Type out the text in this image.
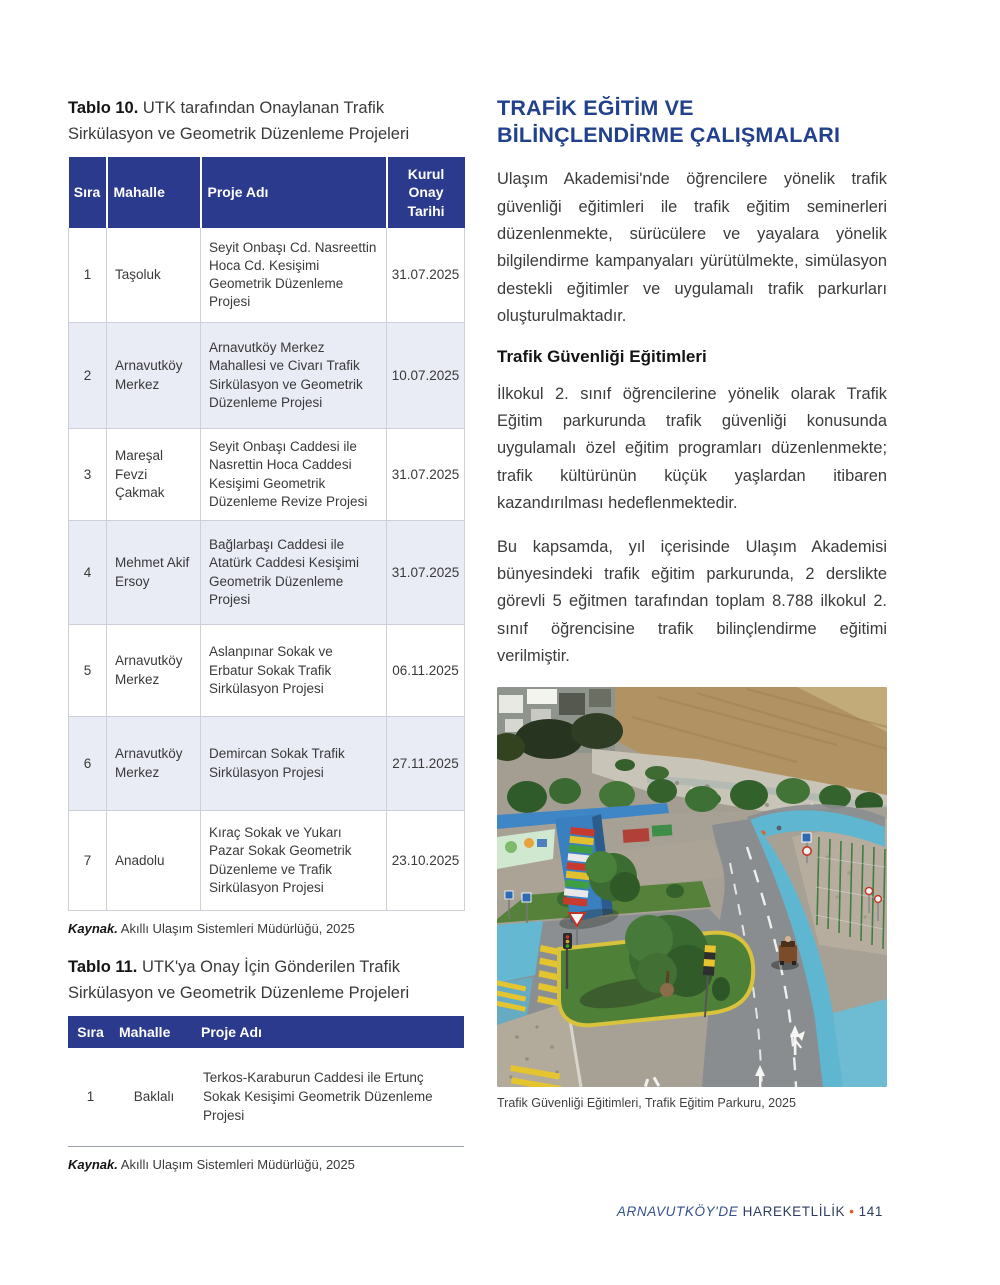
Tablo 10. UTK tarafından Onaylanan Trafik Sirkülasyon ve Geometrik Düzenleme Projeleri

Sıra	Mahalle	Proje Adı	Kurul Onay Tarihi
1	Taşoluk	Seyit Onbaşı Cd. Nasreettin Hoca Cd. Kesişimi Geometrik Düzenleme Projesi	31.07.2025
2	Arnavutköy Merkez	Arnavutköy Merkez Mahallesi ve Civarı Trafik Sirkülasyon ve Geometrik Düzenleme Projesi	10.07.2025
3	Mareşal Fevzi Çakmak	Seyit Onbaşı Caddesi ile Nasrettin Hoca Caddesi Kesişimi Geometrik Düzenleme Revize Projesi	31.07.2025
4	Mehmet Akif Ersoy	Bağlarbaşı Caddesi ile Atatürk Caddesi Kesişimi Geometrik Düzenleme Projesi	31.07.2025
5	Arnavutköy Merkez	Aslanpınar Sokak ve Erbatur Sokak Trafik Sirkülasyon Projesi	06.11.2025
6	Arnavutköy Merkez	Demircan Sokak Trafik Sirkülasyon Projesi	27.11.2025
7	Anadolu	Kıraç Sokak ve Yukarı Pazar Sokak Geometrik Düzenleme ve Trafik Sirkülasyon Projesi	23.10.2025

Kaynak. Akıllı Ulaşım Sistemleri Müdürlüğü, 2025

Tablo 11. UTK'ya Onay İçin Gönderilen Trafik Sirkülasyon ve Geometrik Düzenleme Projeleri

Sıra	Mahalle	Proje Adı
1	Baklalı	Terkos-Karaburun Caddesi ile Ertunç Sokak Kesişimi Geometrik Düzenleme Projesi

Kaynak. Akıllı Ulaşım Sistemleri Müdürlüğü, 2025

TRAFİK EĞİTİM VE
BİLİNÇLENDİRME ÇALIŞMALARI

Ulaşım Akademisi'nde öğrencilere yönelik trafik güvenliği eğitimleri ile trafik eğitim seminerleri düzenlenmekte, sürücülere ve yayalara yönelik bilgilendirme kampanyaları yürütülmekte, simülasyon destekli eğitimler ve uygulamalı trafik parkurları oluşturulmaktadır.

Trafik Güvenliği Eğitimleri

İlkokul 2. sınıf öğrencilerine yönelik olarak Trafik Eğitim parkurunda trafik güvenliği konusunda uygulamalı özel eğitim programları düzenlenmekte; trafik kültürünün küçük yaşlardan itibaren kazandırılması hedeflenmektedir.

Bu kapsamda, yıl içerisinde Ulaşım Akademisi bünyesindeki trafik eğitim parkurunda, 2 derslikte görevli 5 eğitmen tarafından toplam 8.788 ilkokul 2. sınıf öğrencisine trafik bilinçlendirme eğitimi verilmiştir.

Trafik Güvenliği Eğitimleri, Trafik Eğitim Parkuru, 2025

ARNAVUTKÖY'DE HAREKETLİLİK • 141
